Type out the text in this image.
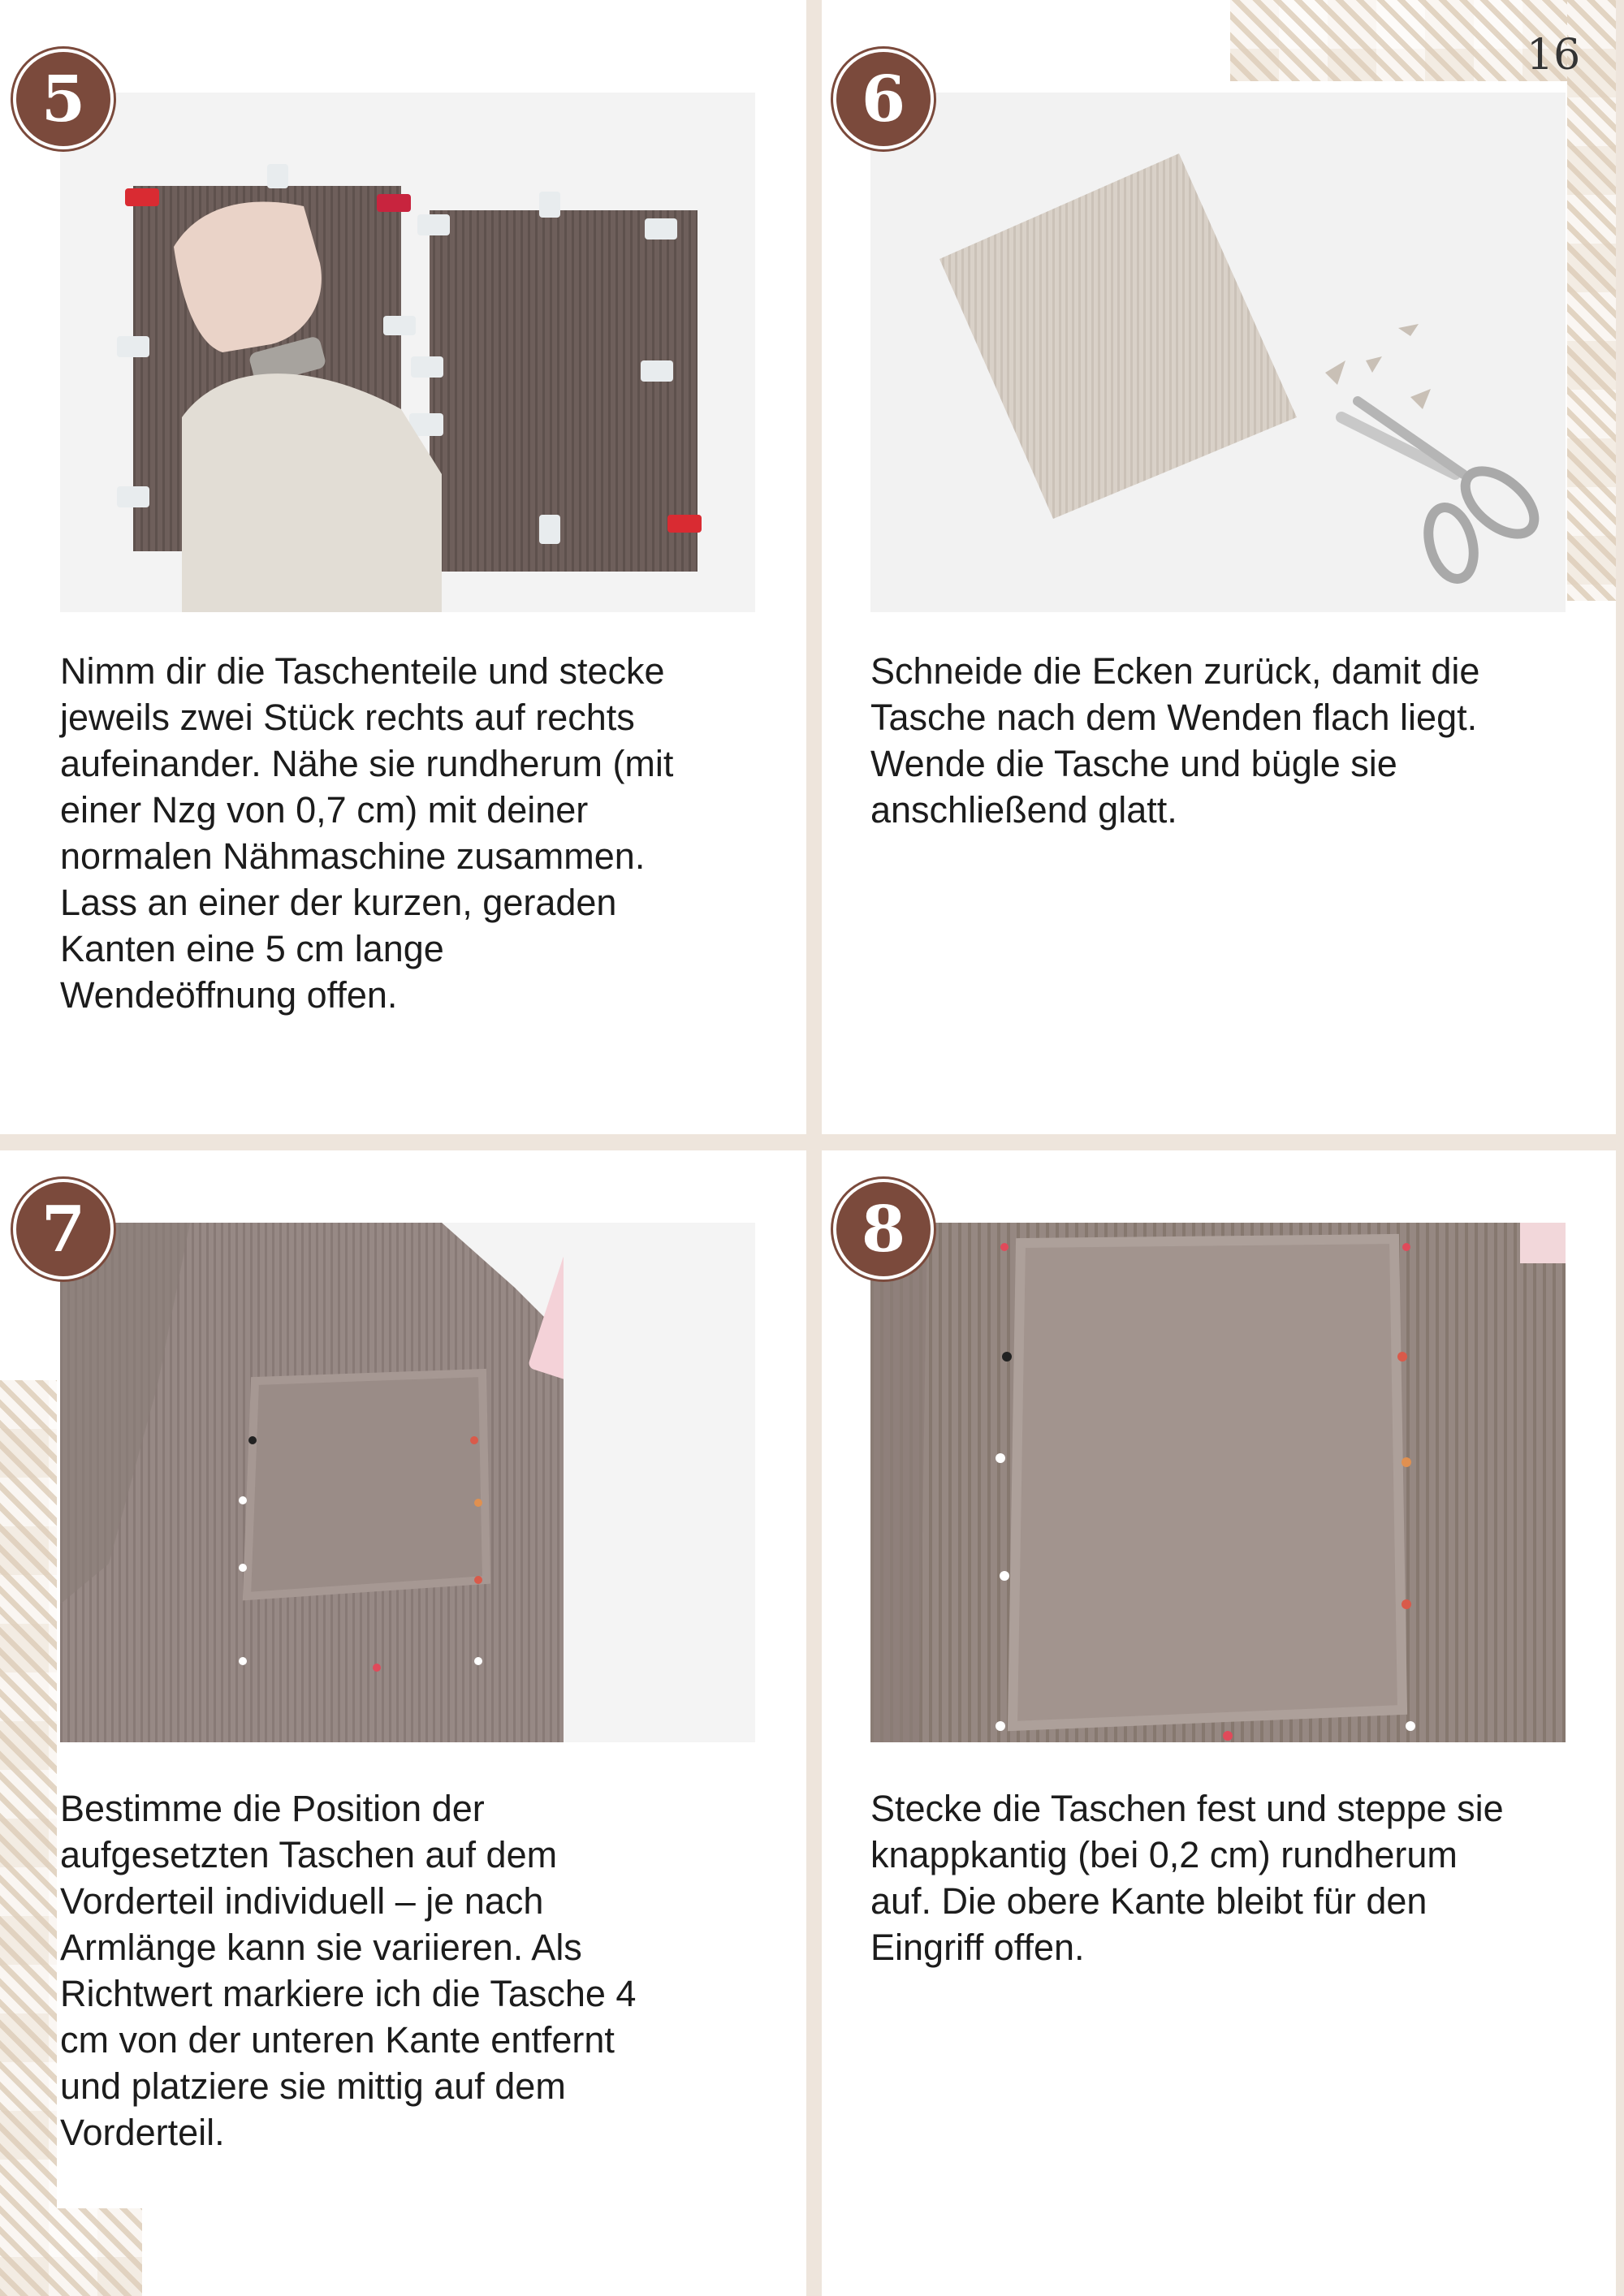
16
5

Nimm dir die Taschenteile und stecke
jeweils zwei Stück rechts auf rechts
aufeinander. Nähe sie rundherum (mit
einer Nzg von 0,7 cm) mit deiner
normalen Nähmaschine zusammen.
Lass an einer der kurzen, geraden
Kanten eine 5 cm lange
Wendeöffnung offen.

6

Schneide die Ecken zurück, damit die
Tasche nach dem Wenden flach liegt.
Wende die Tasche und bügle sie
anschließend glatt.

7

Bestimme die Position der
aufgesetzten Taschen auf dem
Vorderteil individuell – je nach
Armlänge kann sie variieren. Als
Richtwert markiere ich die Tasche 4
cm von der unteren Kante entfernt
und platziere sie mittig auf dem
Vorderteil.

8

Stecke die Taschen fest und steppe sie
knappkantig (bei 0,2 cm) rundherum
auf. Die obere Kante bleibt für den
Eingriff offen.
